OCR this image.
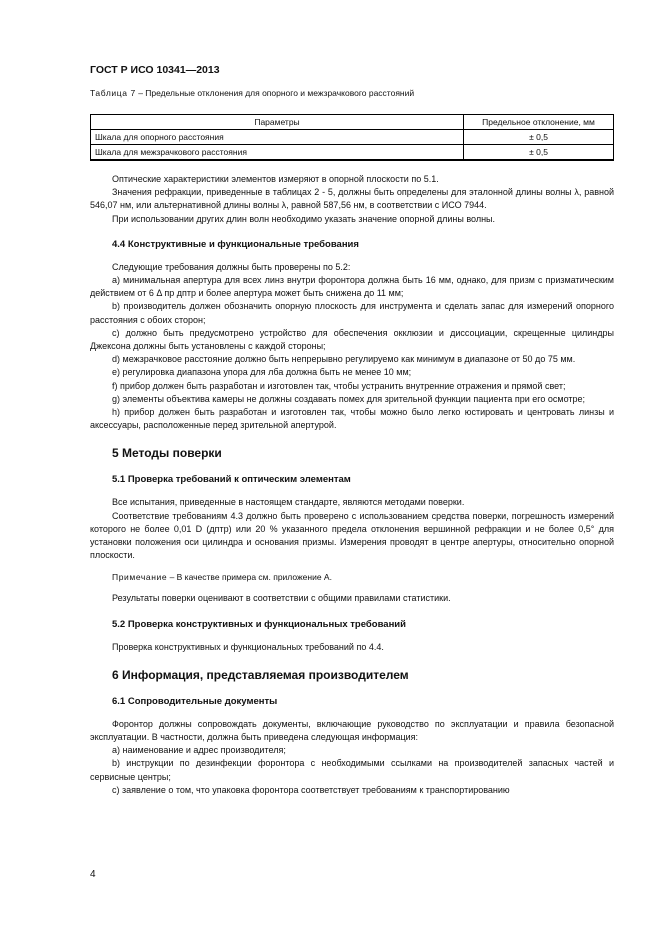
ГОСТ Р ИСО 10341—2013
Таблица 7 – Предельные отклонения для опорного и межзрачкового расстояний
Параметры	Предельное отклонение, мм
Шкала для опорного расстояния	± 0,5
Шкала для межзрачкового расстояния	± 0,5

Оптические характеристики элементов измеряют в опорной плоскости по 5.1.

Значения рефракции, приведенные в таблицах 2 - 5, должны быть определены для эталонной длины волны λ, равной 546,07 нм, или альтернативной длины волны λ, равной 587,56 нм, в соответствии с ИСО 7944.

При использовании других длин волн необходимо указать значение опорной длины волны.

4.4 Конструктивные и функциональные требования

Следующие требования должны быть проверены по 5.2:

а) минимальная апертура для всех линз внутри форонтора должна быть 16 мм, однако, для призм с призматическим действием от 6 Δ пр дптр и более апертура может быть снижена до 11 мм;

b) производитель должен обозначить опорную плоскость для инструмента и сделать запас для измерений опорного расстояния с обоих сторон;

с) должно быть предусмотрено устройство для обеспечения окклюзии и диссоциации, скрещенные цилиндры Джексона должны быть установлены с каждой стороны;

d) межзрачковое расстояние должно быть непрерывно регулируемо как минимум в диапазоне от 50 до 75 мм.

е) регулировка диапазона упора для лба должна быть не менее 10 мм;

f) прибор должен быть разработан и изготовлен так, чтобы устранить внутренние отражения и прямой свет;

g) элементы объектива камеры не должны создавать помех для зрительной функции пациента при его осмотре;

h) прибор должен быть разработан и изготовлен так, чтобы можно было легко юстировать и центровать линзы и аксессуары, расположенные перед зрительной апертурой.

5 Методы поверки
5.1 Проверка требований к оптическим элементам

Все испытания, приведенные в настоящем стандарте, являются методами поверки.

Соответствие требованиям 4.3 должно быть проверено с использованием средства поверки, погрешность измерений которого не более 0,01 D (дптр) или 20 % указанного предела отклонения вершинной рефракции и не более 0,5° для установки положения оси цилиндра и основания призмы. Измерения проводят в центре апертуры, относительно опорной плоскости.

Примечание – В качестве примера см. приложение А.

Результаты поверки оценивают в соответствии с общими правилами статистики.

5.2 Проверка конструктивных и функциональных требований

Проверка конструктивных и функциональных требований по 4.4.

6 Информация, представляемая производителем
6.1 Сопроводительные документы

Форонтор должны сопровождать документы, включающие руководство по эксплуатации и правила безопасной эксплуатации. В частности, должна быть приведена следующая информация:

а) наименование и адрес производителя;

b) инструкции по дезинфекции форонтора с необходимыми ссылками на производителей запасных частей и сервисные центры;

с) заявление о том, что упаковка форонтора соответствует требованиям к транспортированию

4
